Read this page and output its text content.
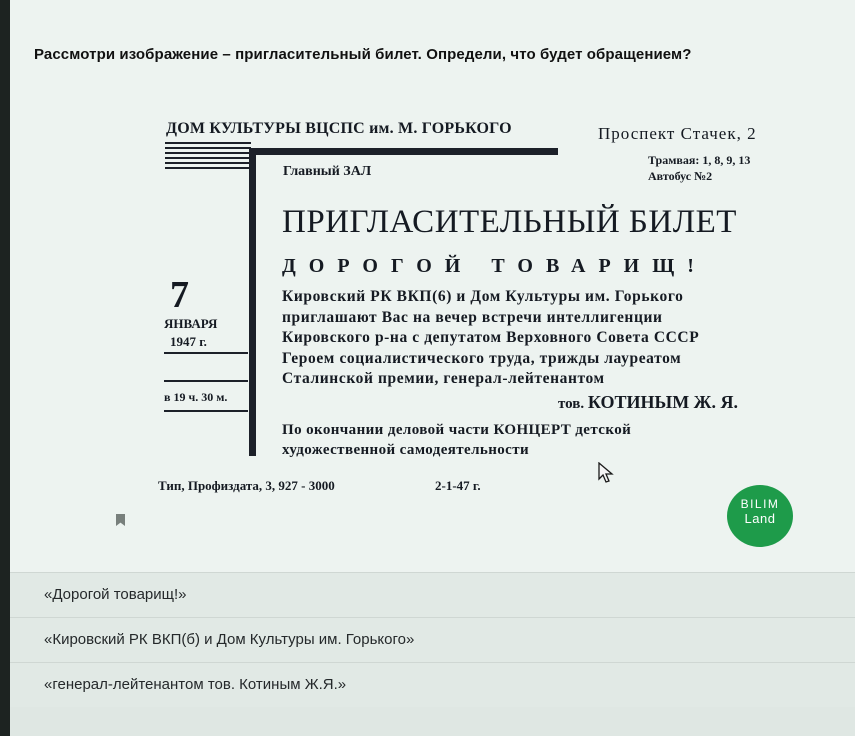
Рассмотри изображение – пригласительный билет. Определи, что будет обращением?
ДОМ КУЛЬТУРЫ ВЦСПС им. М. ГОРЬКОГО	Проспект Стачек, 2
Главный ЗАЛ
Трамвая: 1, 8, 9, 13
Автобус №2
ПРИГЛАСИТЕЛЬНЫЙ БИЛЕТ
ДОРОГОЙ ТОВАРИЩ!

Кировский РК ВКП(6) и Дом Культуры им. Горького

приглашают Вас на вечер встречи интеллигенции

Кировского р-на с депутатом Верховного Совета СССР

Героем социалистического труда, трижды лауреатом

Сталинской премии, генерал-лейтенантом

тов. КОТИНЫМ Ж. Я.
По окончании деловой части КОНЦЕРТ детской
художественной самодеятельности
7
ЯНВАРЯ
1947 г.
в 19 ч. 30 м.
Тип, Профиздата, 3, 927 - 3000	2-1-47 г.
BILIM
Land
«Дорогой товарищ!»
«Кировский РК ВКП(б) и Дом Культуры им. Горького»
«генерал-лейтенантом тов. Котиным Ж.Я.»
